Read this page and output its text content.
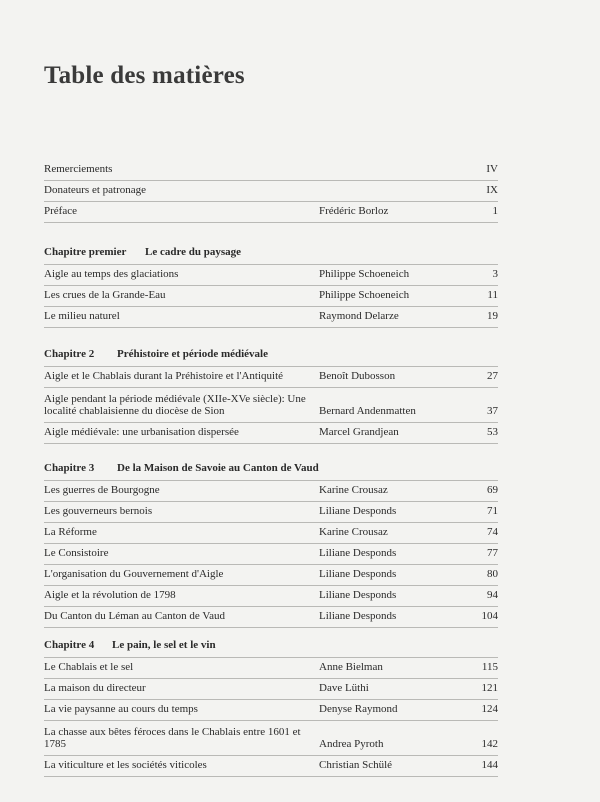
Table des matières
Remerciements	IV
Donateurs et patronage	IX
Préface	Frédéric Borloz	1
Chapitre premier Le cadre du paysage
Aigle au temps des glaciations	Philippe Schoeneich	3
Les crues de la Grande-Eau	Philippe Schoeneich	11
Le milieu naturel	Raymond Delarze	19
Chapitre 2 Préhistoire et période médiévale
Aigle et le Chablais durant la Préhistoire et l'Antiquité	Benoît Dubosson	27
Aigle pendant la période médiévale (XIIe-XVe siècle): Une localité chablaisienne du diocèse de Sion	Bernard Andenmatten	37
Aigle médiévale: une urbanisation dispersée	Marcel Grandjean	53
Chapitre 3 De la Maison de Savoie au Canton de Vaud
Les guerres de Bourgogne	Karine Crousaz	69
Les gouverneurs bernois	Liliane Desponds	71
La Réforme	Karine Crousaz	74
Le Consistoire	Liliane Desponds	77
L'organisation du Gouvernement d'Aigle	Liliane Desponds	80
Aigle et la révolution de 1798	Liliane Desponds	94
Du Canton du Léman au Canton de Vaud	Liliane Desponds	104
Chapitre 4 Le pain, le sel et le vin
Le Chablais et le sel	Anne Bielman	115
La maison du directeur	Dave Lüthi	121
La vie paysanne au cours du temps	Denyse Raymond	124
La chasse aux bêtes féroces dans le Chablais entre 1601 et 1785	Andrea Pyroth	142
La viticulture et les sociétés viticoles	Christian Schülé	144
